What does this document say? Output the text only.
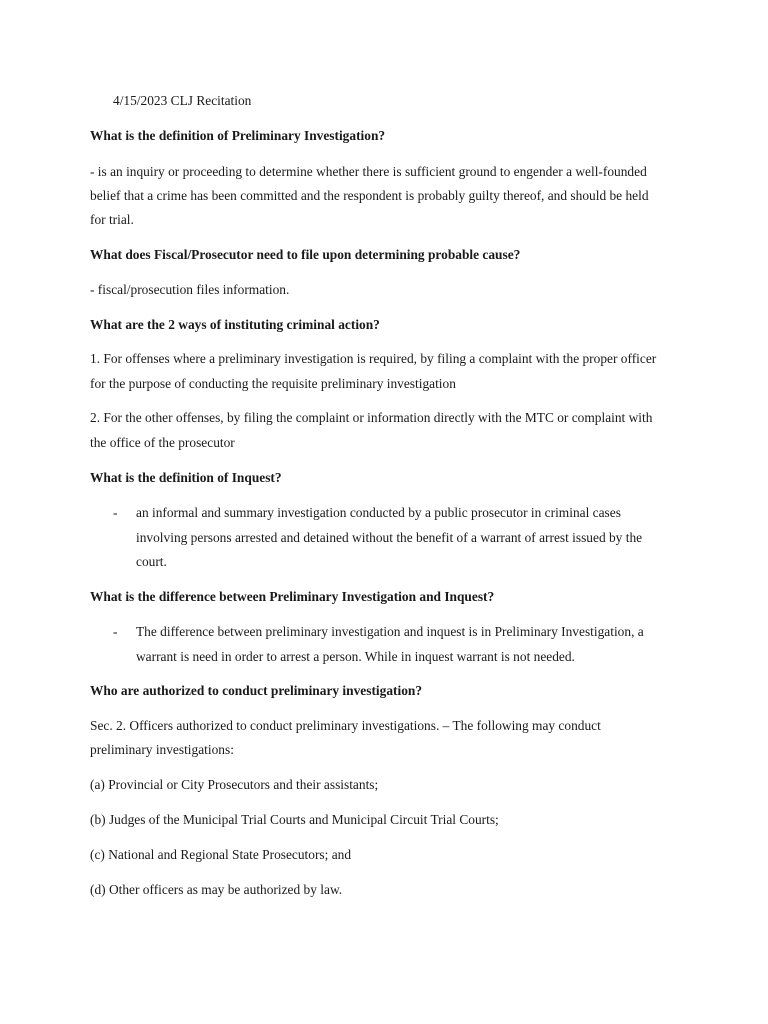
4/15/2023 CLJ Recitation
What is the definition of Preliminary Investigation?
- is an inquiry or proceeding to determine whether there is sufficient ground to engender a well-founded
belief that a crime has been committed and the respondent is probably guilty thereof, and should be held
for trial.
What does Fiscal/Prosecutor need to file upon determining probable cause?
- fiscal/prosecution files information.
What are the 2 ways of instituting criminal action?
1. For offenses where a preliminary investigation is required, by filing a complaint with the proper officer
for the purpose of conducting the requisite preliminary investigation
2. For the other offenses, by filing the complaint or information directly with the MTC or complaint with
the office of the prosecutor
What is the definition of Inquest?
- an informal and summary investigation conducted by a public prosecutor in criminal cases
involving persons arrested and detained without the benefit of a warrant of arrest issued by the
court.
What is the difference between Preliminary Investigation and Inquest?
- The difference between preliminary investigation and inquest is in Preliminary Investigation, a
warrant is need in order to arrest a person. While in inquest warrant is not needed.
Who are authorized to conduct preliminary investigation?
Sec. 2. Officers authorized to conduct preliminary investigations. – The following may conduct
preliminary investigations:
(a) Provincial or City Prosecutors and their assistants;
(b) Judges of the Municipal Trial Courts and Municipal Circuit Trial Courts;
(c) National and Regional State Prosecutors; and
(d) Other officers as may be authorized by law.
